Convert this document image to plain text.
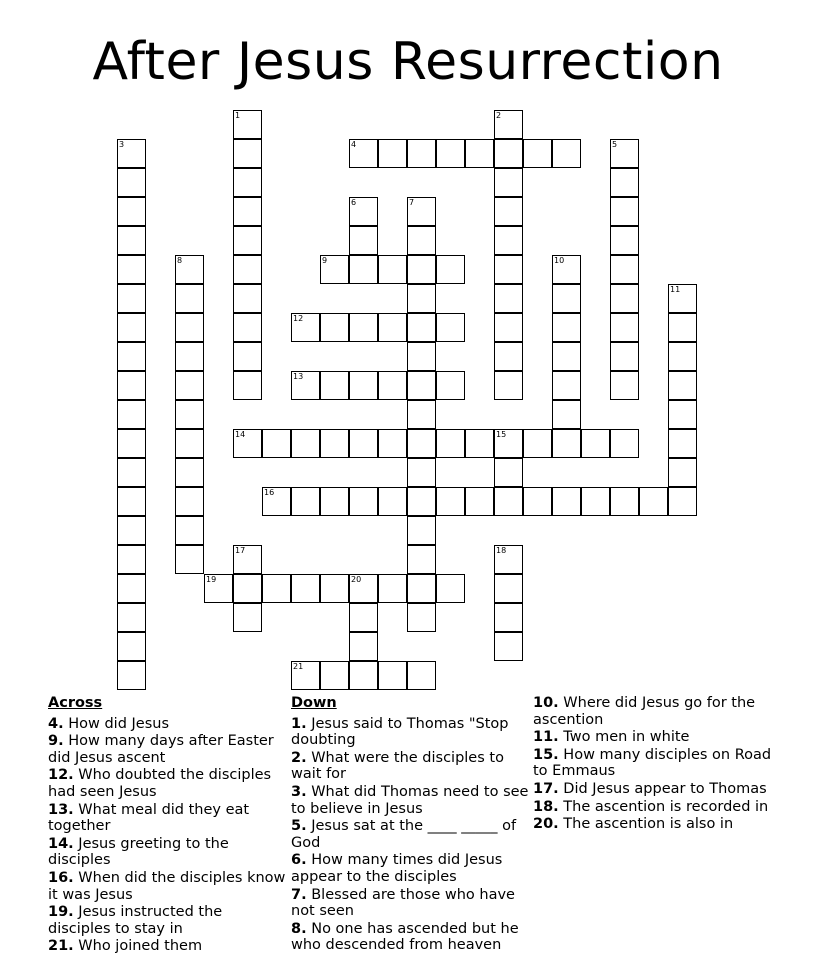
After Jesus Resurrection
1	2
3	4	5
6	7
8	9	10
11
12
13
14	15
16
17	18
19	20
21
Across
4. How did Jesus
9. How many days after Easter did Jesus ascent
12. Who doubted the disciples had seen Jesus
13. What meal did they eat together
14. Jesus greeting to the disciples
16. When did the disciples know it was Jesus
19. Jesus instructed the disciples to stay in
21. Who joined them
Down
1. Jesus said to Thomas "Stop doubting
2. What were the disciples to wait for
3. What did Thomas need to see to believe in Jesus
5. Jesus sat at the ____ _____ of God
6. How many times did Jesus appear to the disciples
7. Blessed are those who have not seen
8. No one has ascended but he who descended from heaven
10. Where did Jesus go for the ascention
11. Two men in white
15. How many disciples on Road to Emmaus
17. Did Jesus appear to Thomas
18. The ascention is recorded in
20. The ascention is also in
